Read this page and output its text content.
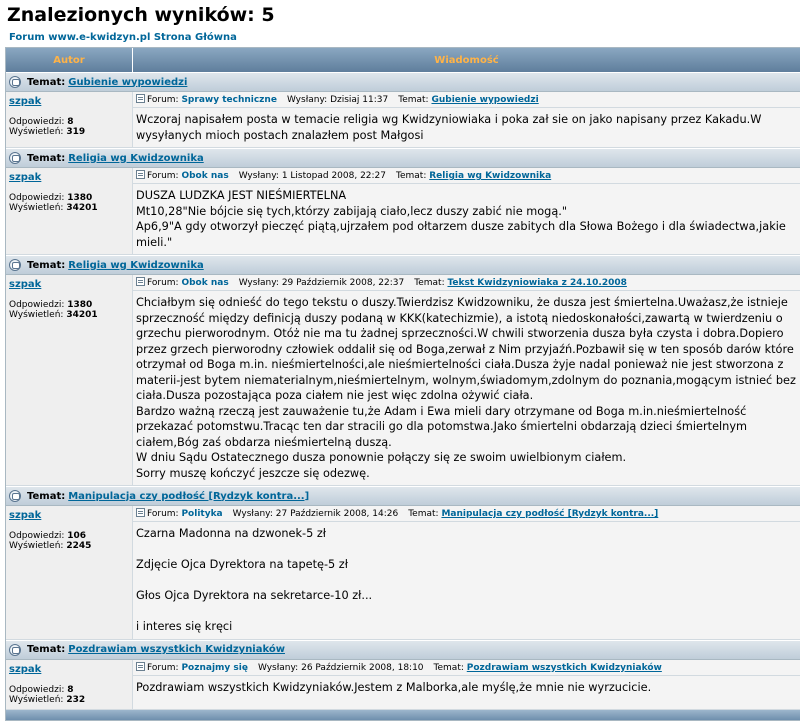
Znalezionych wyników: 5
Forum www.e-kwidzyn.pl Strona Główna
Autor	Wiadomość
Temat: Gubienie wypowiedzi
szpak
Odpowiedzi: 8
Wyświetleń: 319
Forum: Sprawy techniczne Wysłany: Dzisiaj 11:37 Temat: Gubienie wypowiedzi

Wczoraj napisałem posta w temacie religia wg Kwidzyniowiaka i poka zał sie on jako napisany przez Kakadu.W wysyłanych mioch postach znalazłem post Małgosi

Temat: Religia wg Kwidzownika
szpak
Odpowiedzi: 1380
Wyświetleń: 34201
Forum: Obok nas Wysłany: 1 Listopad 2008, 22:27 Temat: Religia wg Kwidzownika

DUSZA LUDZKA JEST NIEŚMIERTELNA

Mt10,28"Nie bójcie się tych,którzy zabijają ciało,lecz duszy zabić nie mogą."

Ap6,9"A gdy otworzył pieczęć piątą,ujrzałem pod ołtarzem dusze zabitych dla Słowa Bożego i dla świadectwa,jakie mieli."

Temat: Religia wg Kwidzownika
szpak
Odpowiedzi: 1380
Wyświetleń: 34201
Forum: Obok nas Wysłany: 29 Październik 2008, 22:37 Temat: Tekst Kwidzyniowiaka z 24.10.2008

Chciałbym się odnieść do tego tekstu o duszy.Twierdzisz Kwidzowniku, że dusza jest śmiertelna.Uważasz,że istnieje sprzeczność między definicją duszy podaną w KKK(katechizmie), a istotą niedoskonałości,zawartą w twierdzeniu o grzechu pierworodnym. Otóż nie ma tu żadnej sprzeczności.W chwili stworzenia dusza była czysta i dobra.Dopiero przez grzech pierworodny człowiek oddalił się od Boga,zerwał z Nim przyjaźń.Pozbawił się w ten sposób darów które otrzymał od Boga m.in. nieśmiertelności,ale nieśmiertelności ciała.Dusza żyje nadal ponieważ nie jest stworzona z materii-jest bytem niematerialnym,nieśmiertelnym, wolnym,świadomym,zdolnym do poznania,mogącym istnieć bez ciała.Dusza pozostająca poza ciałem nie jest więc zdolna ożywić ciała.

Bardzo ważną rzeczą jest zauważenie tu,że Adam i Ewa mieli dary otrzymane od Boga m.in.nieśmiertelność przekazać potomstwu.Tracąc ten dar stracili go dla potomstwa.Jako śmiertelni obdarzają dzieci śmiertelnym ciałem,Bóg zaś obdarza nieśmiertelną duszą.

W dniu Sądu Ostatecznego dusza ponownie połączy się ze swoim uwielbionym ciałem.

Sorry muszę kończyć jeszcze się odezwę.

Temat: Manipulacja czy podłość [Rydzyk kontra...]
szpak
Odpowiedzi: 106
Wyświetleń: 2245
Forum: Polityka Wysłany: 27 Październik 2008, 14:26 Temat: Manipulacja czy podłość [Rydzyk kontra...]

Czarna Madonna na dzwonek-5 zł

Zdjęcie Ojca Dyrektora na tapetę-5 zł

Głos Ojca Dyrektora na sekretarce-10 zł...

i interes się kręci

Temat: Pozdrawiam wszystkich Kwidzyniaków
szpak
Odpowiedzi: 8
Wyświetleń: 232
Forum: Poznajmy się Wysłany: 26 Październik 2008, 18:10 Temat: Pozdrawiam wszystkich Kwidzyniaków

Pozdrawiam wszystkich Kwidzyniaków.Jestem z Malborka,ale myślę,że mnie nie wyrzucicie.
